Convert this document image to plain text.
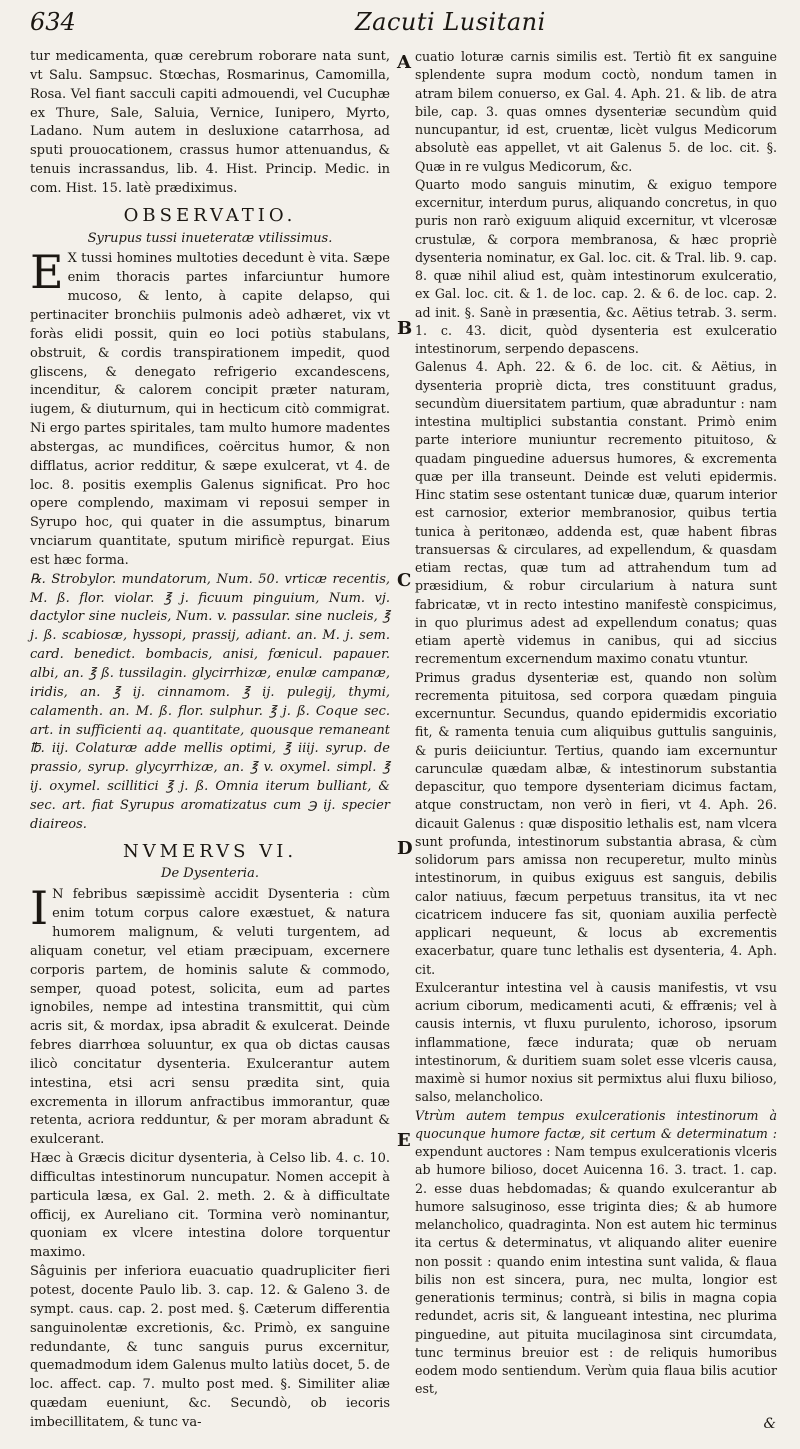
634	Zacuti Lusitani

tur medicamenta, quæ cerebrum roborare nata sunt, vt Salu. Sampsuc. Stœchas, Rosmarinus, Camomilla, Rosa. Vel fiant sacculi capiti admouendi, vel Cucuphæ ex Thure, Sale, Saluia, Vernice, Iunipero, Myrto, Ladano. Num autem in desluxione catarrhosa, ad sputi prouocationem, crassus humor attenuandus, & tenuis incrassandus, lib. 4. Hist. Princip. Medic. in com. Hist. 15. latè prædiximus.

OBSERVATIO.
Syrupus tussi inueteratæ vtilissimus.

E X tussi homines multoties decedunt è vita. Sæpe enim thoracis partes infarciuntur humore mucoso, & lento, à capite delapso, qui pertinaciter bronchiis pulmonis adeò adhæret, vix vt foràs elidi possit, quin eo loci potiùs stabulans, obstruit, & cordis transpirationem impedit, quod gliscens, & denegato refrigerio excandescens, incenditur, & calorem concipit præter naturam, iugem, & diuturnum, qui in hecticum citò commigrat. Ni ergo partes spiritales, tam multo humore madentes abstergas, ac mundifices, coërcitus humor, & non difflatus, acrior redditur, & sæpe exulcerat, vt 4. de loc. 8. positis exemplis Galenus significat. Pro hoc opere complendo, maximam vi reposui semper in Syrupo hoc, qui quater in die assumptus, binarum vnciarum quantitate, sputum mirificè repurgat. Eius est hæc forma.

℞. Strobylor. mundatorum, Num. 50. vrticæ recentis, M. ß. flor. violar. ℥ j. ficuum pinguium, Num. vj. dactylor sine nucleis, Num. v. passular. sine nucleis, ℥ j. ß. scabiosæ, hyssopi, prassij, adiant. an. M. j. sem. card. benedict. bombacis, anisi, fœnicul. papauer. albi, an. ℥ ß. tussilagin. glycirrhizæ, enulæ campanæ, iridis, an. ℥ ij. cinnamom. ℥ ij. pulegij, thymi, calamenth. an. M. ß. flor. sulphur. ℥ j. ß. Coque sec. art. in sufficienti aq. quantitate, quousque remaneant ℔. iij. Colaturæ adde mellis optimi, ℥ iiij. syrup. de prassio, syrup. glycyrrhizæ, an. ℥ v. oxymel. simpl. ℥ ij. oxymel. scillitici ℥ j. ß. Omnia iterum bulliant, & sec. art. fiat Syrupus aromatizatus cum ℈ ij. specier diaireos.

NVMERVS VI.
De Dysenteria.

I N febribus sæpissimè accidit Dysenteria : cùm enim totum corpus calore exæstuet, & natura humorem malignum, & veluti turgentem, ad aliquam conetur, vel etiam præcipuam, excernere corporis partem, de hominis salute & commodo, semper, quoad potest, solicita, eum ad partes ignobiles, nempe ad intestina transmittit, qui cùm acris sit, & mordax, ipsa abradit & exulcerat. Deinde febres diarrhœa soluuntur, ex qua ob dictas causas ilicò concitatur dysenteria. Exulcerantur autem intestina, etsi acri sensu prædita sint, quia excrementa in illorum anfractibus immorantur, quæ retenta, acriora redduntur, & per moram abradunt & exulcerant.

Hæc à Græcis dicitur dysenteria, à Celso lib. 4. c. 10. difficultas intestinorum nuncupatur. Nomen accepit à particula læsa, ex Gal. 2. meth. 2. & à difficultate officij, ex Aureliano cit. Tormina verò nominantur, quoniam ex vlcere intestina dolore torquentur maximo.

Sâguinis per inferiora euacuatio quadrupliciter fieri potest, docente Paulo lib. 3. cap. 12. & Galeno 3. de sympt. caus. cap. 2. post med. §. Cæterum differentia sanguinolentæ excretionis, &c. Primò, ex sanguine redundante, & tunc sanguis purus excernitur, quemadmodum idem Galenus multo latiùs docet, 5. de loc. affect. cap. 7. multo post med. §. Similiter aliæ quædam eueniunt, &c. Secundò, ob iecoris imbecillitatem, & tunc va-

cuatio loturæ carnis similis est. Tertiò fit ex sanguine splendente supra modum coctò, nondum tamen in atram bilem conuerso, ex Gal. 4. Aph. 21. & lib. de atra bile, cap. 3. quas omnes dysenteriæ secundùm quid nuncupantur, id est, cruentæ, licèt vulgus Medicorum absolutè eas appellet, vt ait Galenus 5. de loc. cit. §. Quæ in re vulgus Medicorum, &c.

Quarto modo sanguis minutim, & exiguo tempore excernitur, interdum purus, aliquando concretus, in quo puris non rarò exiguum aliquid excernitur, vt vlcerosæ crustulæ, & corpora membranosa, & hæc propriè dysenteria nominatur, ex Gal. loc. cit. & Tral. lib. 9. cap. 8. quæ nihil aliud est, quàm intestinorum exulceratio, ex Gal. loc. cit. & 1. de loc. cap. 2. & 6. de loc. cap. 2. ad init. §. Sanè in præsentia, &c. Aëtius tetrab. 3. serm. 1. c. 43. dicit, quòd dysenteria est exulceratio intestinorum, serpendo depascens.

Galenus 4. Aph. 22. & 6. de loc. cit. & Aëtius, in dysenteria propriè dicta, tres constituunt gradus, secundùm diuersitatem partium, quæ abraduntur : nam intestina multiplici substantia constant. Primò enim parte interiore muniuntur recremento pituitoso, & quadam pinguedine aduersus humores, & excrementa quæ per illa transeunt. Deinde est veluti epidermis. Hinc statim sese ostentant tunicæ duæ, quarum interior est carnosior, exterior membranosior, quibus tertia tunica à peritonæo, addenda est, quæ habent fibras transuersas & circulares, ad expellendum, & quasdam etiam rectas, quæ tum ad attrahendum tum ad præsidium, & robur circularium à natura sunt fabricatæ, vt in recto intestino manifestè conspicimus, in quo plurimus adest ad expellendum conatus; quas etiam apertè videmus in canibus, qui ad siccius recrementum excernendum maximo conatu vtuntur.

Primus gradus dysenteriæ est, quando non solùm recrementa pituitosa, sed corpora quædam pinguia excernuntur. Secundus, quando epidermidis excoriatio fit, & ramenta tenuia cum aliquibus guttulis sanguinis, & puris deiiciuntur. Tertius, quando iam excernuntur carunculæ quædam albæ, & intestinorum substantia depascitur, quo tempore dysenteriam dicimus factam, atque constructam, non verò in fieri, vt 4. Aph. 26. dicauit Galenus : quæ dispositio lethalis est, nam vlcera sunt profunda, intestinorum substantia abrasa, & cùm solidorum pars amissa non recuperetur, multo minùs intestinorum, in quibus exiguus est sanguis, debilis calor natiuus, fæcum perpetuus transitus, ita vt nec cicatricem inducere fas sit, quoniam auxilia perfectè applicari nequeunt, & locus ab excrementis exacerbatur, quare tunc lethalis est dysenteria, 4. Aph. cit.

Exulcerantur intestina vel à causis manifestis, vt vsu acrium ciborum, medicamenti acuti, & effrænis; vel à causis internis, vt fluxu purulento, ichoroso, ipsorum inflammatione, fæce indurata; quæ ob neruam intestinorum, & duritiem suam solet esse vlceris causa, maximè si humor noxius sit permixtus alui fluxu bilioso, salso, melancholico.

Vtrùm autem tempus exulcerationis intestinorum à quocunque humore factæ, sit certum & determinatum : expendunt auctores : Nam tempus exulcerationis vlceris ab humore bilioso, docet Auicenna 16. 3. tract. 1. cap. 2. esse duas hebdomadas; & quando exulcerantur ab humore salsuginoso, esse triginta dies; & ab humore melancholico, quadraginta. Non est autem hic terminus ita certus & determinatus, vt aliquando aliter euenire non possit : quando enim intestina sunt valida, & flaua bilis non est sincera, pura, nec multa, longior est generationis terminus; contrà, si bilis in magna copia redundet, acris sit, & langueant intestina, nec plurima pinguedine, aut pituita mucilaginosa sint circumdata, tunc terminus breuior est : de reliquis humoribus eodem modo sentiendum. Verùm quia flaua bilis acutior est,

A
B
C
D
E
&
